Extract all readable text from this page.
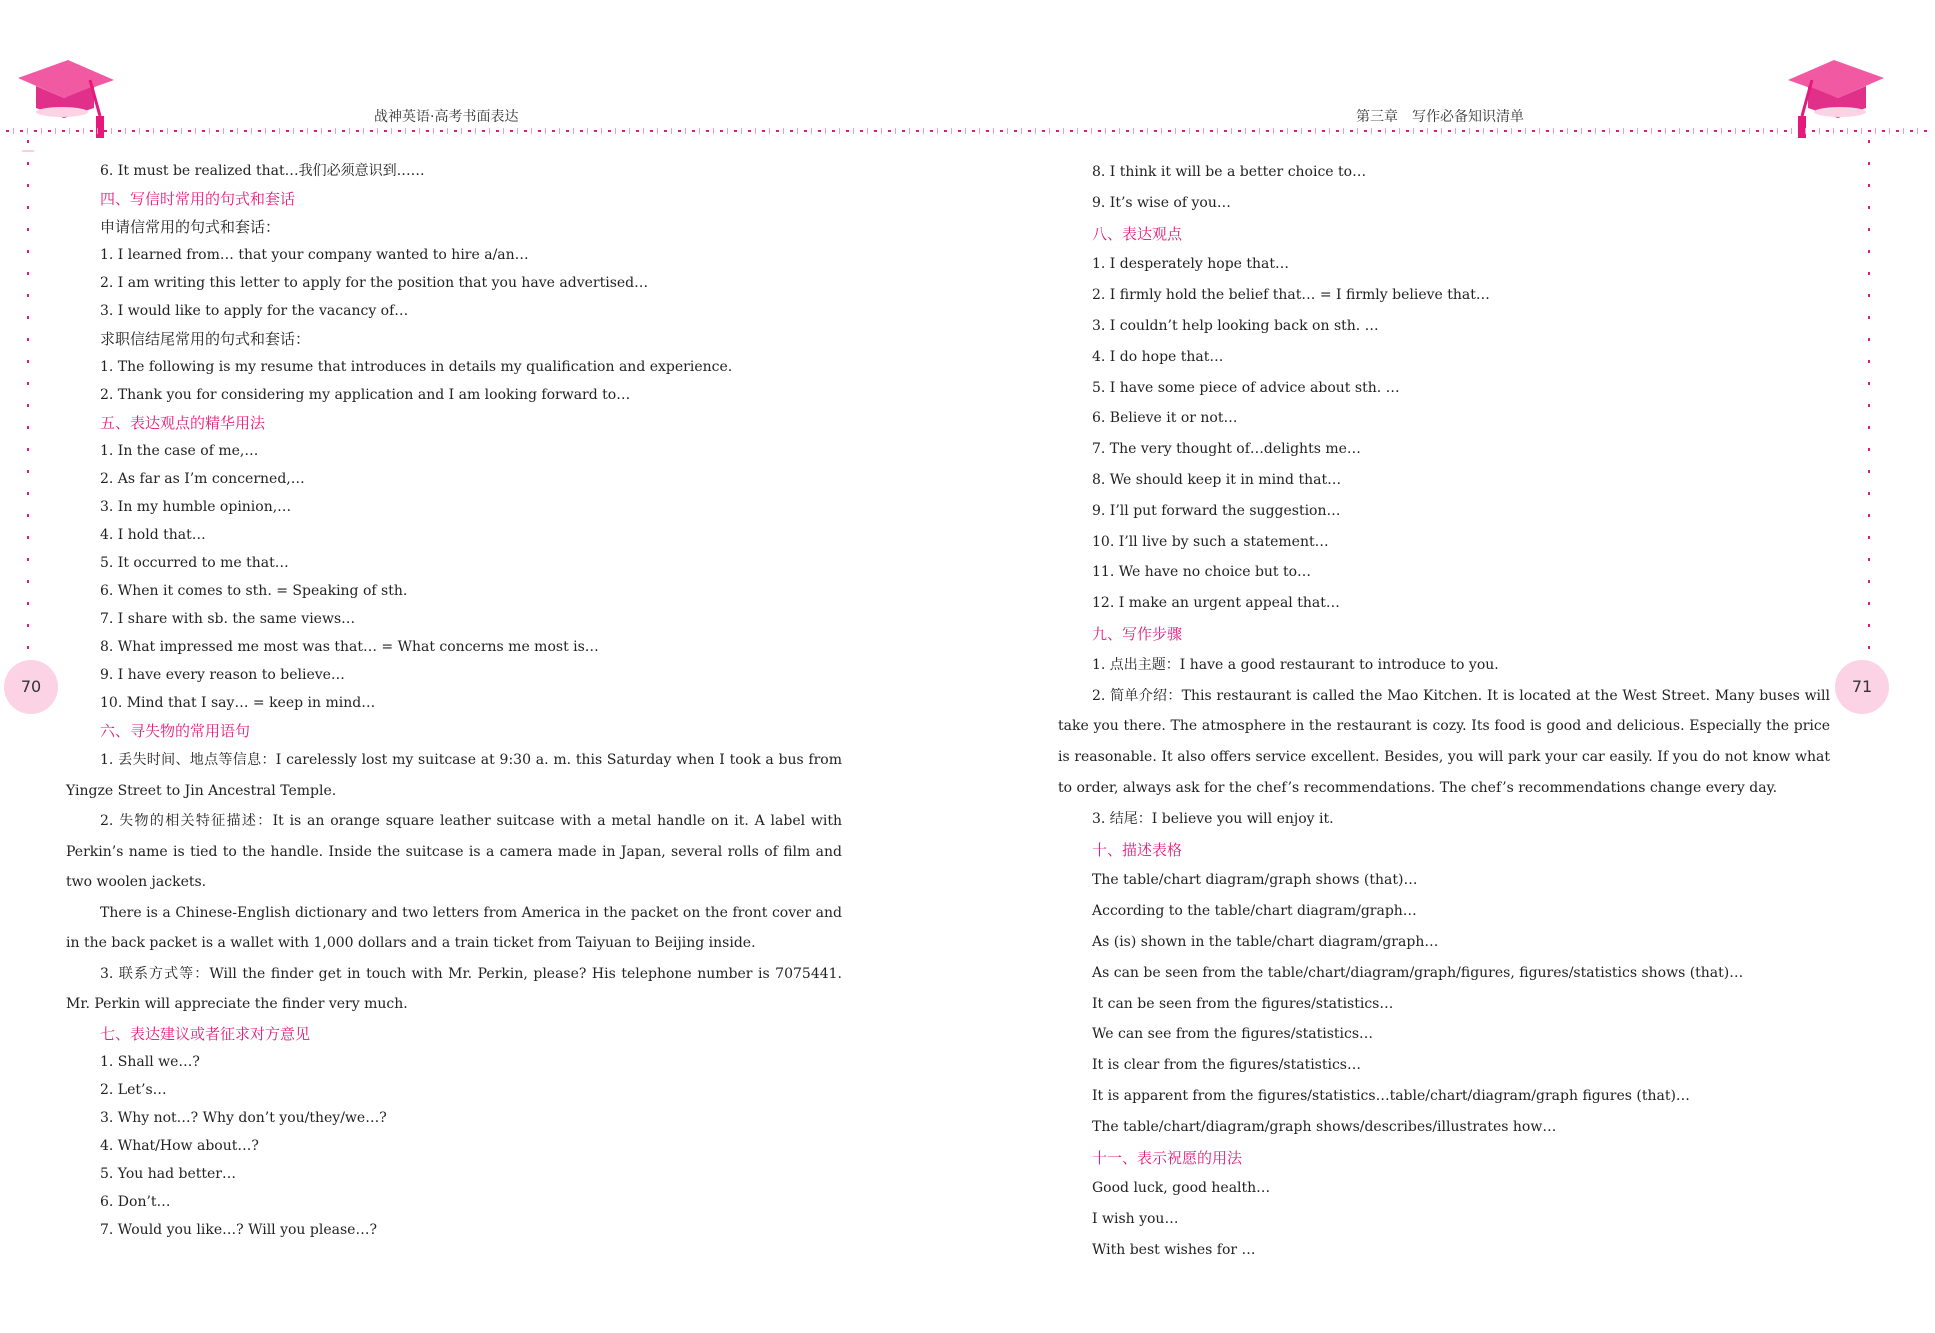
战神英语·高考书面表达	第三章　写作必备知识清单
70	71
6. It must be realized that…我们必须意识到……
四、写信时常用的句式和套话
申请信常用的句式和套话：
1. I learned from… that your company wanted to hire a/an…
2. I am writing this letter to apply for the position that you have advertised…
3. I would like to apply for the vacancy of…
求职信结尾常用的句式和套话：
1. The following is my resume that introduces in details my qualification and experience.
2. Thank you for considering my application and I am looking forward to…
五、表达观点的精华用法
1. In the case of me,…
2. As far as I’m concerned,…
3. In my humble opinion,…
4. I hold that…
5. It occurred to me that…
6. When it comes to sth. = Speaking of sth.
7. I share with sb. the same views…
8. What impressed me most was that… = What concerns me most is…
9. I have every reason to believe…
10. Mind that I say… = keep in mind…
六、寻失物的常用语句
1. 丢失时间、地点等信息：I carelessly lost my suitcase at 9:30 a. m. this Saturday when I took a bus from Yingze Street to Jin Ancestral Temple.
2. 失物的相关特征描述：It is an orange square leather suitcase with a metal handle on it. A label with Perkin’s name is tied to the handle. Inside the suitcase is a camera made in Japan, several rolls of film and two woolen jackets.
There is a Chinese-English dictionary and two letters from America in the packet on the front cover and in the back packet is a wallet with 1,000 dollars and a train ticket from Taiyuan to Beijing inside.
3. 联系方式等：Will the finder get in touch with Mr. Perkin, please? His telephone number is 7075441. Mr. Perkin will appreciate the finder very much.
七、表达建议或者征求对方意见
1. Shall we…?
2. Let’s…
3. Why not…? Why don’t you/they/we…?
4. What/How about…?
5. You had better…
6. Don’t…
7. Would you like…? Will you please…?
8. I think it will be a better choice to…
9. It’s wise of you…
八、表达观点
1. I desperately hope that…
2. I firmly hold the belief that… = I firmly believe that…
3. I couldn’t help looking back on sth. …
4. I do hope that…
5. I have some piece of advice about sth. …
6. Believe it or not…
7. The very thought of…delights me…
8. We should keep it in mind that…
9. I’ll put forward the suggestion…
10. I’ll live by such a statement…
11. We have no choice but to…
12. I make an urgent appeal that…
九、写作步骤
1. 点出主题：I have a good restaurant to introduce to you.
2. 简单介绍：This restaurant is called the Mao Kitchen. It is located at the West Street. Many buses will take you there. The atmosphere in the restaurant is cozy. Its food is good and delicious. Especially the price is reasonable. It also offers service excellent. Besides, you will park your car easily. If you do not know what to order, always ask for the chef’s recommendations. The chef’s recommendations change every day.
3. 结尾：I believe you will enjoy it.
十、描述表格
The table/chart diagram/graph shows (that)…
According to the table/chart diagram/graph…
As (is) shown in the table/chart diagram/graph…
As can be seen from the table/chart/diagram/graph/figures, figures/statistics shows (that)…
It can be seen from the figures/statistics…
We can see from the figures/statistics…
It is clear from the figures/statistics…
It is apparent from the figures/statistics…table/chart/diagram/graph figures (that)…
The table/chart/diagram/graph shows/describes/illustrates how…
十一、表示祝愿的用法
Good luck, good health…
I wish you…
With best wishes for …
